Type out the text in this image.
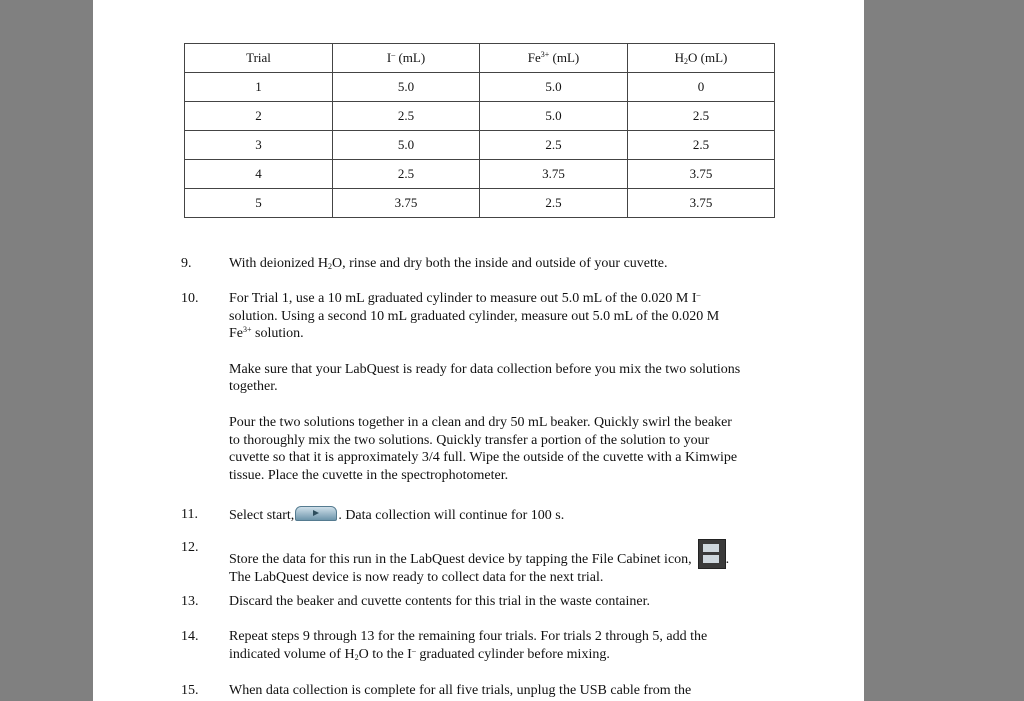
Trial	I– (mL)	$Fe^{3+}$ (mL)	$H_2O$ (mL)
1	5.0	5.0	0
2	2.5	5.0	2.5
3	5.0	2.5	2.5
4	2.5	3.75	3.75
5	3.75	2.5	3.75
9.	With deionized $H_2O$, rinse and dry both the inside and outside of your cuvette.
10.	For Trial 1, use a 10 mL graduated cylinder to measure out 5.0 mL of the 0.020 M I– solution. Using a second 10 mL graduated cylinder, measure out 5.0 mL of the 0.020 M $Fe^{3+}$ solution.

Make sure that your LabQuest is ready for data collection before you mix the two solutions together.

Pour the two solutions together in a clean and dry 50 mL beaker. Quickly swirl the beaker to thoroughly mix the two solutions. Quickly transfer a portion of the solution to your cuvette so that it is approximately 3/4 full. Wipe the outside of the cuvette with a Kimwipe tissue. Place the cuvette in the spectrophotometer.

11.	Select start,	. Data collection will continue for 100 s.
12.
Store the data for this run in the LabQuest device by tapping the File Cabinet icon, .
The LabQuest device is now ready to collect data for the next trial.
13.	Discard the beaker and cuvette contents for this trial in the waste container.
14.	Repeat steps 9 through 13 for the remaining four trials. For trials 2 through 5, add the indicated volume of $H_2O$ to the I– graduated cylinder before mixing.
15.	When data collection is complete for all five trials, unplug the USB cable from the
